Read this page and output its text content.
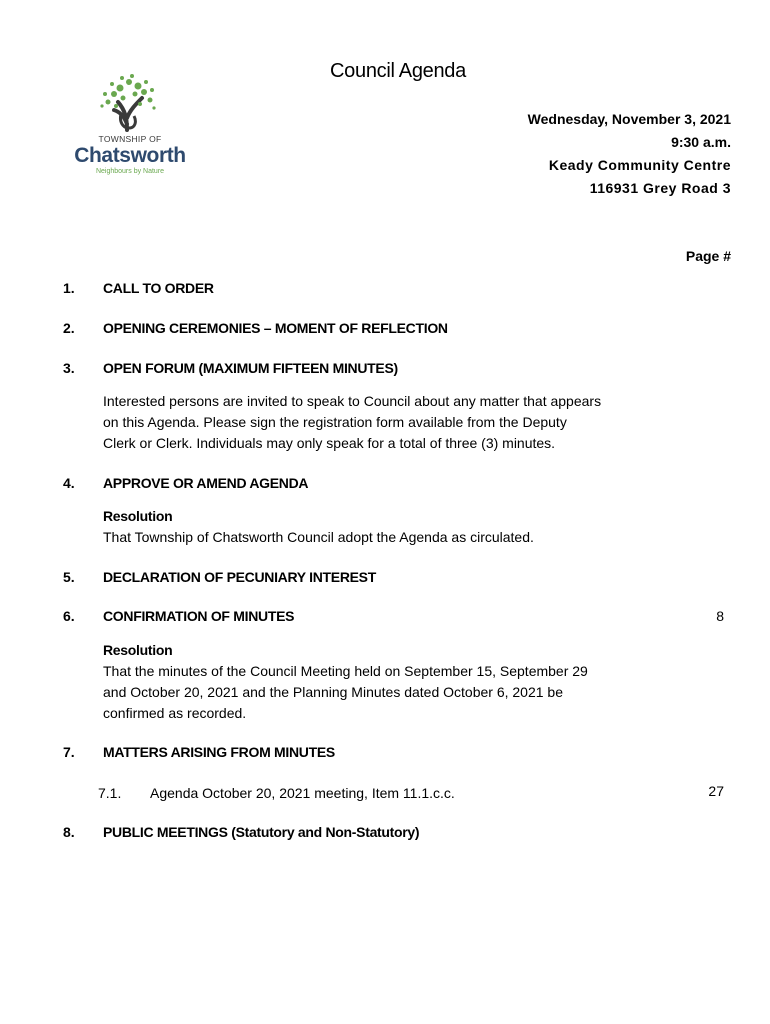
Council Agenda
TOWNSHIP OF
Chatsworth
Neighbours by Nature
Wednesday, November 3, 2021
9:30 a.m.
Keady Community Centre
116931 Grey Road 3
Page #
1. CALL TO ORDER
2. OPENING CEREMONIES – MOMENT OF REFLECTION
3. OPEN FORUM (MAXIMUM FIFTEEN MINUTES)
Interested persons are invited to speak to Council about any matter that appears
on this Agenda. Please sign the registration form available from the Deputy
Clerk or Clerk. Individuals may only speak for a total of three (3) minutes.
4. APPROVE OR AMEND AGENDA
Resolution
That Township of Chatsworth Council adopt the Agenda as circulated.
5. DECLARATION OF PECUNIARY INTEREST
6. CONFIRMATION OF MINUTES	8
Resolution
That the minutes of the Council Meeting held on September 15, September 29
and October 20, 2021 and the Planning Minutes dated October 6, 2021 be
confirmed as recorded.
7. MATTERS ARISING FROM MINUTES
7.1. Agenda October 20, 2021 meeting, Item 11.1.c.c.	27
8. PUBLIC MEETINGS (Statutory and Non-Statutory)
